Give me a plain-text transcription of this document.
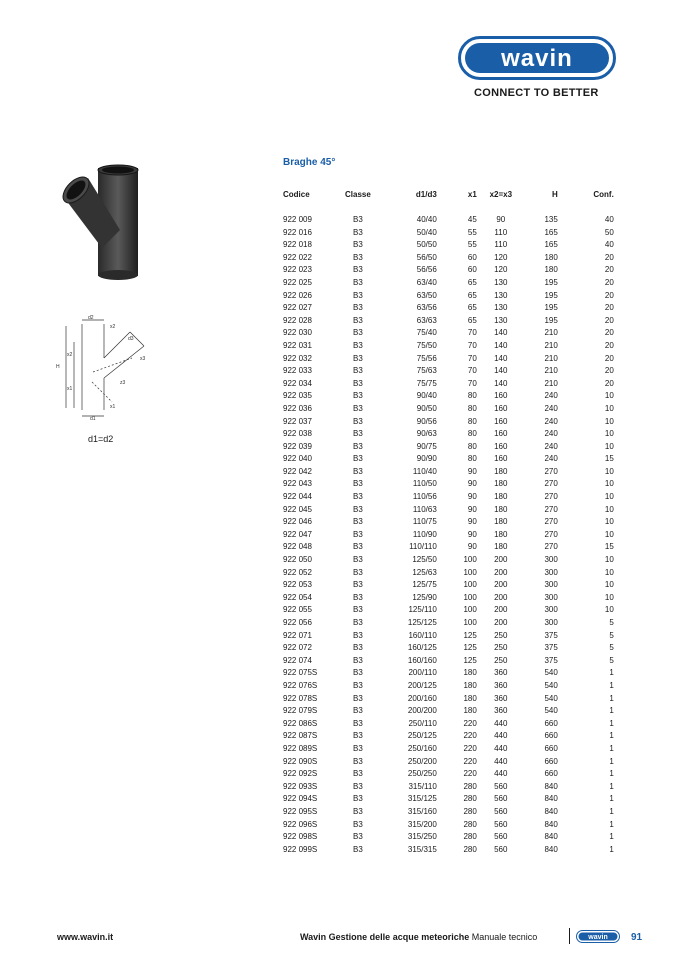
wavin
CONNECT TO BETTER
d2
x2
d3
x3
H
x2
x1
d1
x1
z3
d1=d2
Braghe 45°
Codice	Classe	d1/d3	x1	x2=x3	H	Conf.

922 009	B3	40/40	45	90	135	40
922 016	B3	50/40	55	110	165	50
922 018	B3	50/50	55	110	165	40
922 022	B3	56/50	60	120	180	20
922 023	B3	56/56	60	120	180	20
922 025	B3	63/40	65	130	195	20
922 026	B3	63/50	65	130	195	20
922 027	B3	63/56	65	130	195	20
922 028	B3	63/63	65	130	195	20
922 030	B3	75/40	70	140	210	20
922 031	B3	75/50	70	140	210	20
922 032	B3	75/56	70	140	210	20
922 033	B3	75/63	70	140	210	20
922 034	B3	75/75	70	140	210	20
922 035	B3	90/40	80	160	240	10
922 036	B3	90/50	80	160	240	10
922 037	B3	90/56	80	160	240	10
922 038	B3	90/63	80	160	240	10
922 039	B3	90/75	80	160	240	10
922 040	B3	90/90	80	160	240	15
922 042	B3	110/40	90	180	270	10
922 043	B3	110/50	90	180	270	10
922 044	B3	110/56	90	180	270	10
922 045	B3	110/63	90	180	270	10
922 046	B3	110/75	90	180	270	10
922 047	B3	110/90	90	180	270	10
922 048	B3	110/110	90	180	270	15
922 050	B3	125/50	100	200	300	10
922 052	B3	125/63	100	200	300	10
922 053	B3	125/75	100	200	300	10
922 054	B3	125/90	100	200	300	10
922 055	B3	125/110	100	200	300	10
922 056	B3	125/125	100	200	300	5
922 071	B3	160/110	125	250	375	5
922 072	B3	160/125	125	250	375	5
922 074	B3	160/160	125	250	375	5
922 075S	B3	200/110	180	360	540	1
922 076S	B3	200/125	180	360	540	1
922 078S	B3	200/160	180	360	540	1
922 079S	B3	200/200	180	360	540	1
922 086S	B3	250/110	220	440	660	1
922 087S	B3	250/125	220	440	660	1
922 089S	B3	250/160	220	440	660	1
922 090S	B3	250/200	220	440	660	1
922 092S	B3	250/250	220	440	660	1
922 093S	B3	315/110	280	560	840	1
922 094S	B3	315/125	280	560	840	1
922 095S	B3	315/160	280	560	840	1
922 096S	B3	315/200	280	560	840	1
922 098S	B3	315/250	280	560	840	1
922 099S	B3	315/315	280	560	840	1
www.wavin.it	Wavin Gestione delle acque meteoriche Manuale tecnico	wavin 91
